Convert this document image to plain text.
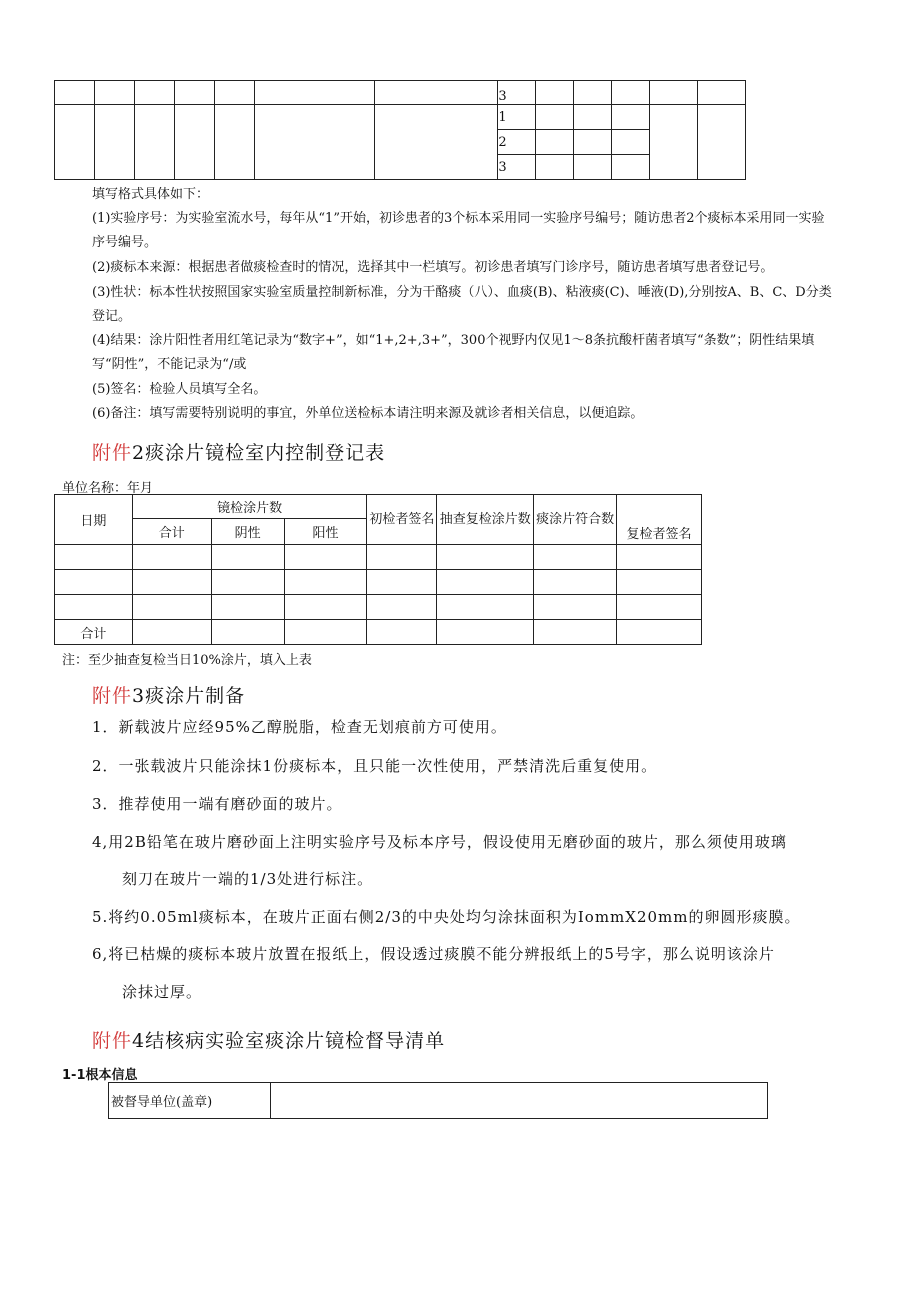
							3					
							1					
							2					
							3					
填写格式具体如下：
(1)实验序号：为实验室流水号，每年从“1”开始，初诊患者的3个标本采用同一实验序号编号；随访患者2个痰标本采用同一实验序号编号。
(2)痰标本来源：根据患者做痰检查时的情况，选择其中一栏填写。初诊患者填写门诊序号，随访患者填写患者登记号。
(3)性状：标本性状按照国家实验室质量控制新标准，分为干酪痰（八）、血痰(B)、粘液痰(C)、唾液(D),分别按A、B、C、D分类登记。
(4)结果：涂片阳性者用红笔记录为“数字+”，如“1+,2+,3+”，300个视野内仅见1〜8条抗酸杆菌者填写“条数”；阴性结果填写“阴性”，不能记录为“/或
(5)签名：检验人员填写全名。
(6)备注：填写需要特别说明的事宜，外单位送检标本请注明来源及就诊者相关信息，以便追踪。
附件2痰涂片镜检室内控制登记表
单位名称：年月
日期	镜检涂片数			初检者签名	抽查复检涂片数	痰涂片符合数	复检者签名
	合计	阴性	阳性				

合计							
注：至少抽查复检当日10%涂片，填入上表
附件3痰涂片制备
1．新载波片应经95%乙醇脱脂，检查无划痕前方可使用。
2．一张载波片只能涂抹1份痰标本，且只能一次性使用，严禁清洗后重复使用。
3．推荐使用一端有磨砂面的玻片。
4,用2B铅笔在玻片磨砂面上注明实验序号及标本序号，假设使用无磨砂面的玻片，那么须使用玻璃
刻刀在玻片一端的1/3处进行标注。
5.将约0.05ml痰标本，在玻片正面右侧2/3的中央处均匀涂抹面积为IommX20mm的卵圆形痰膜。
6,将已枯燥的痰标本玻片放置在报纸上，假设透过痰膜不能分辨报纸上的5号字，那么说明该涂片
涂抹过厚。
附件4结核病实验室痰涂片镜检督导清单
1-1根本信息
被督导单位(盖章)	
